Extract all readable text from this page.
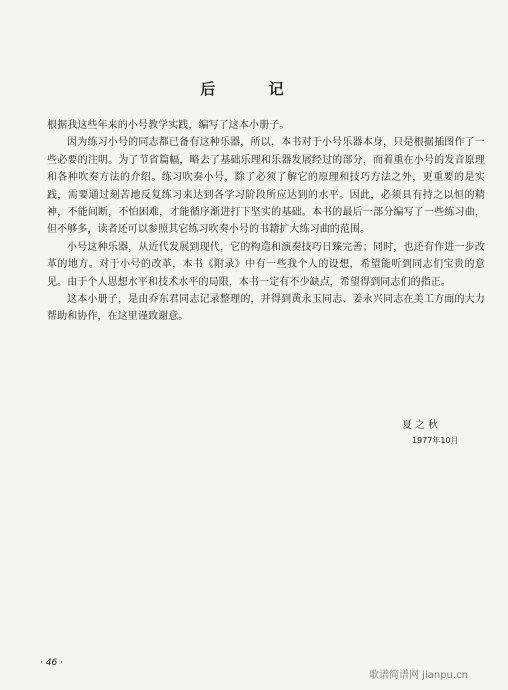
后 记

根据我这些年来的小号教学实践，编写了这本小册子。

因为练习小号的同志都已备有这种乐器，所以，本书对于小号乐器本身，只是根据插图作了一些必要的注明。为了节省篇幅，略去了基础乐理和乐器发展经过的部分，而着重在小号的发音原理和各种吹奏方法的介绍。练习吹奏小号，除了必须了解它的原理和技巧方法之外，更重要的是实践，需要通过刻苦地反复练习来达到各学习阶段所应达到的水平。因此，必须具有持之以恒的精神，不能间断，不怕困难，才能循序渐进打下坚实的基础。本书的最后一部分编写了一些练习曲，但不够多，读者还可以参照其它练习吹奏小号的书籍扩大练习曲的范围。

小号这种乐器，从近代发展到现代，它的构造和演奏技巧日臻完善；同时，也还有作进一步改革的地方。对于小号的改革，本书《附录》中有一些我个人的设想，希望能听到同志们宝贵的意见。由于个人思想水平和技术水平的局限，本书一定有不少缺点，希望得到同志们的指正。

这本小册子，是由乔东君同志记录整理的，并得到黄永玉同志、姜永兴同志在美工方面的大力帮助和协作，在这里谨致谢意。

夏之秋
1977年10月
· 46 ·
歌谱简谱网 jianpu.cn
